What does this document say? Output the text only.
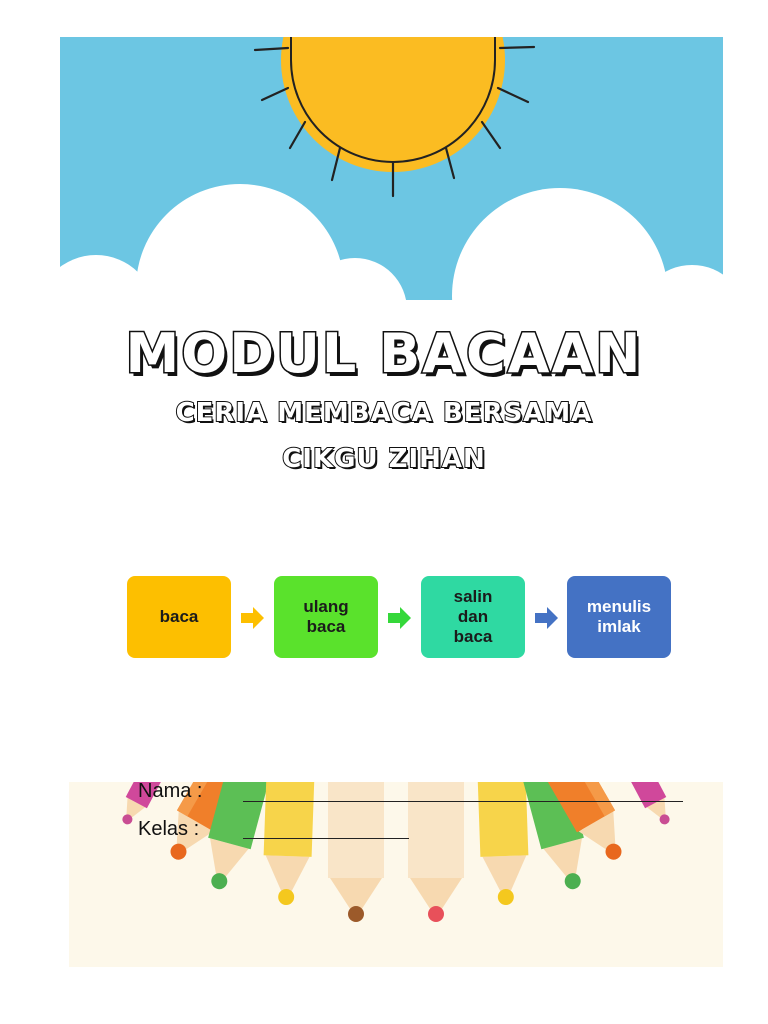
MODUL BACAAN
CERIA MEMBACA BERSAMA
CIKGU ZIHAN
baca
ulang
baca
salin
dan
baca
menulis
imlak
Nama :
Kelas :
